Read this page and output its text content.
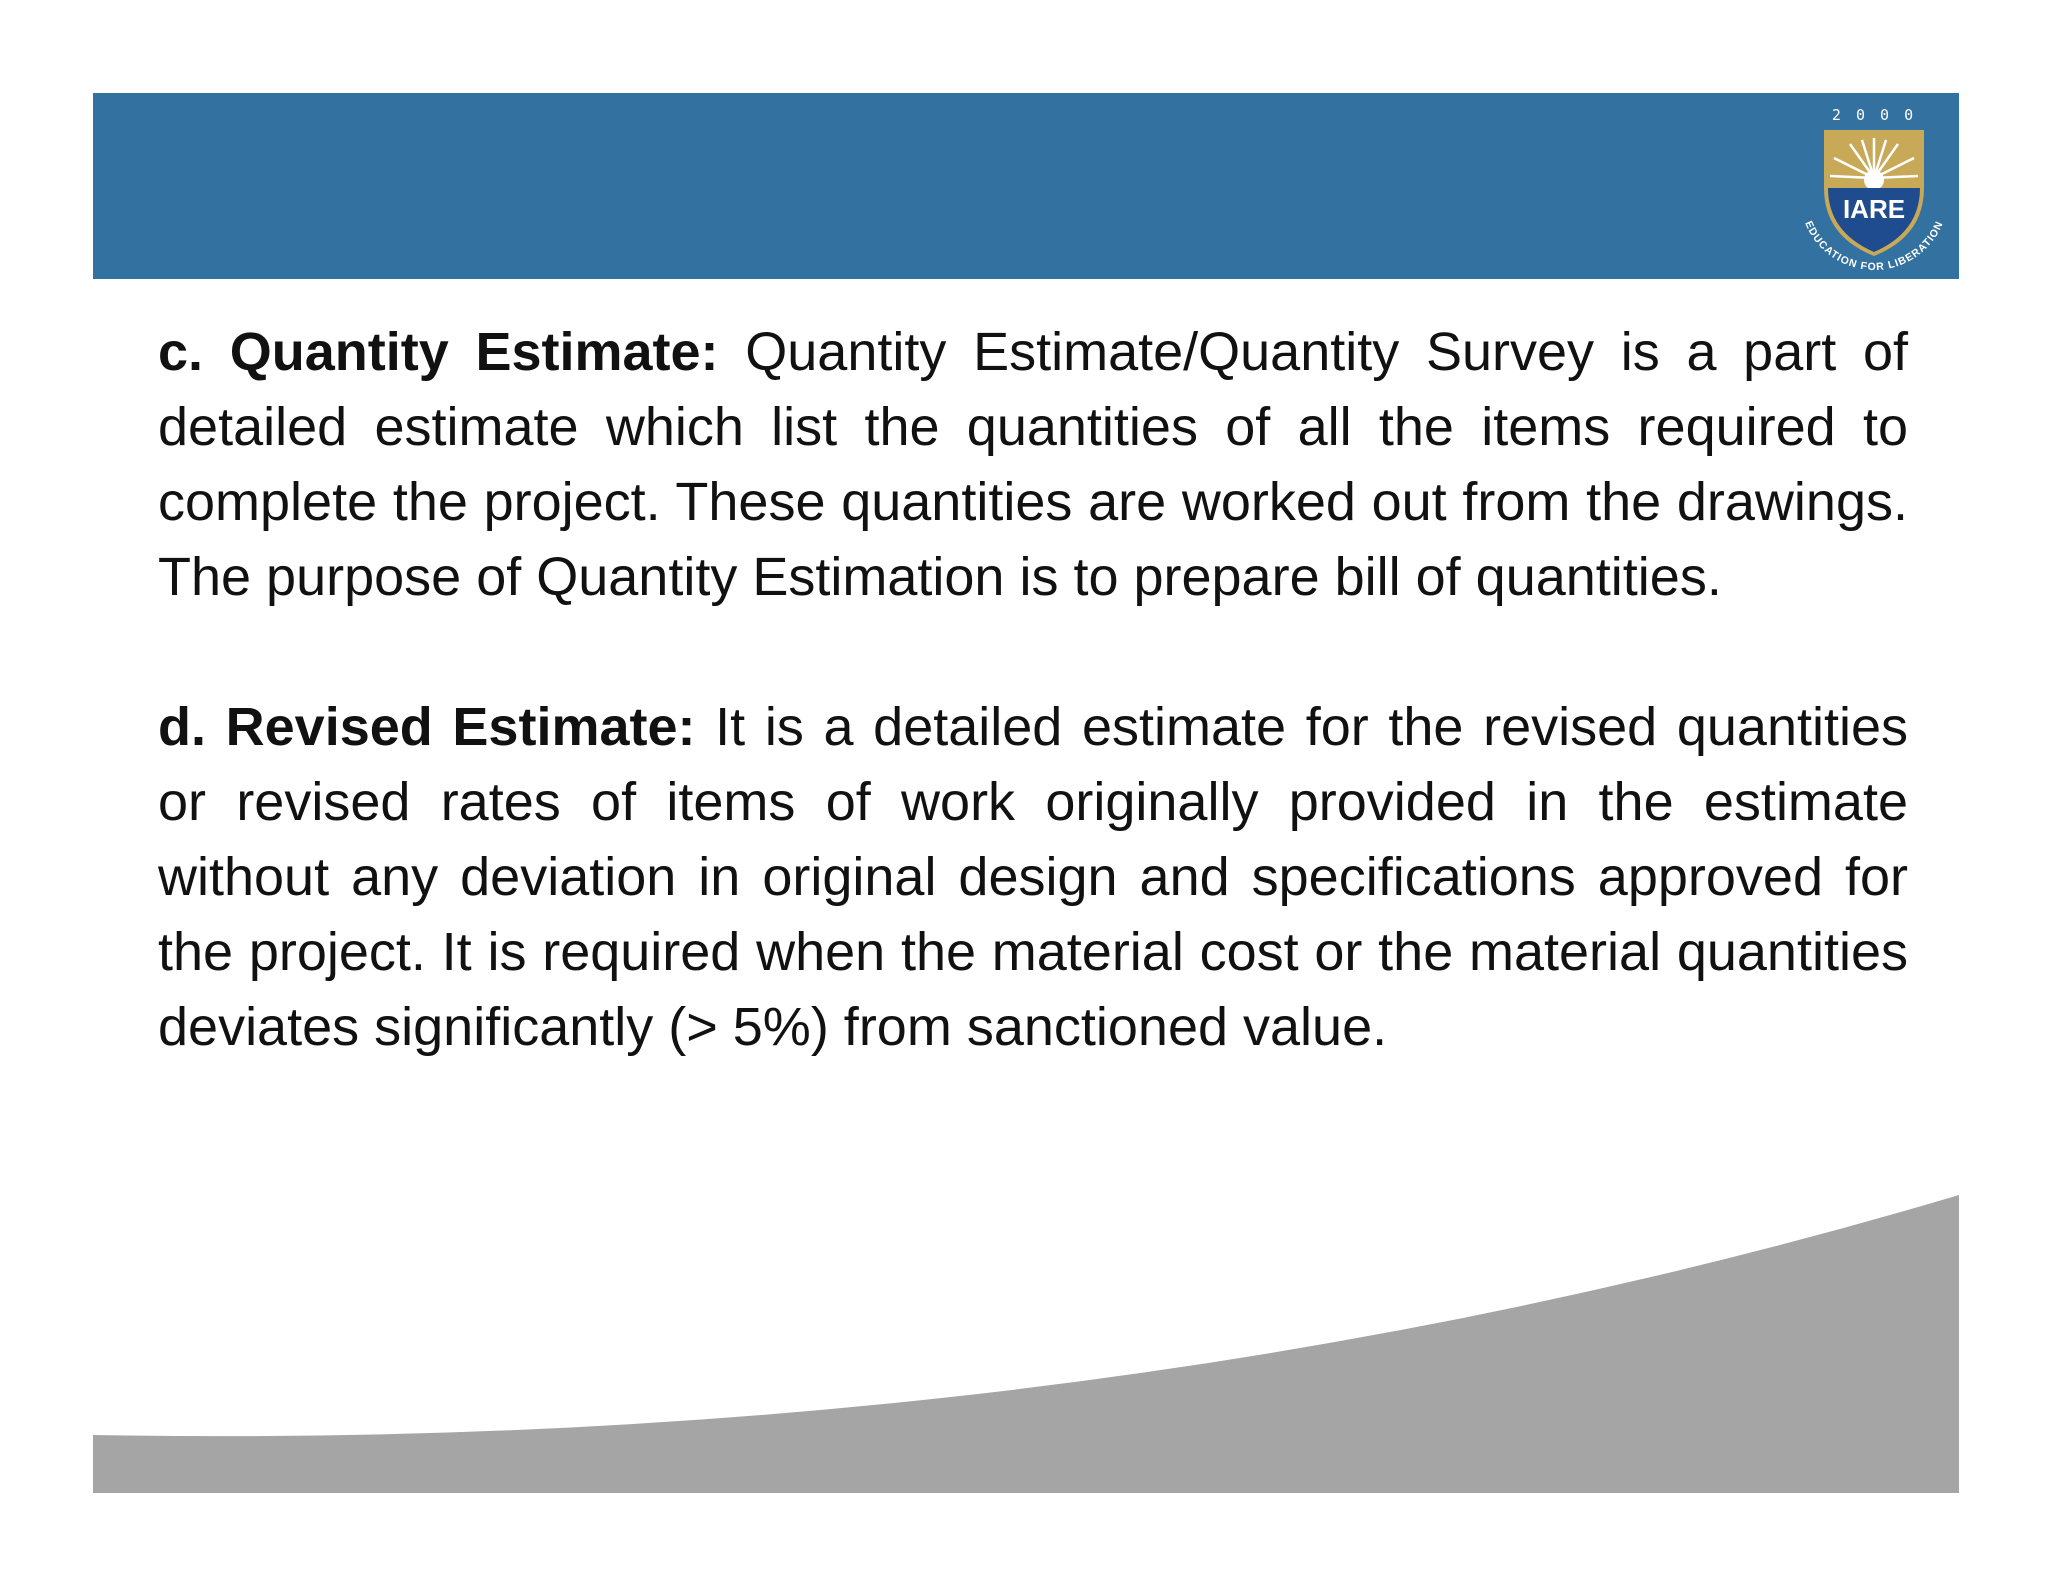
2 0 0 0
IARE
EDUCATION FOR LIBERATION

c. Quantity Estimate: Quantity Estimate/Quantity Survey is a part of detailed estimate which list the quantities of all the items required to complete the project. These quantities are worked out from the drawings. The purpose of Quantity Estimation is to prepare bill of quantities.

d. Revised Estimate: It is a detailed estimate for the revised quantities or revised rates of items of work originally provided in the estimate without any deviation in original design and specifications approved for the project. It is required when the material cost or the material quantities deviates significantly (> 5%) from sanctioned value.
